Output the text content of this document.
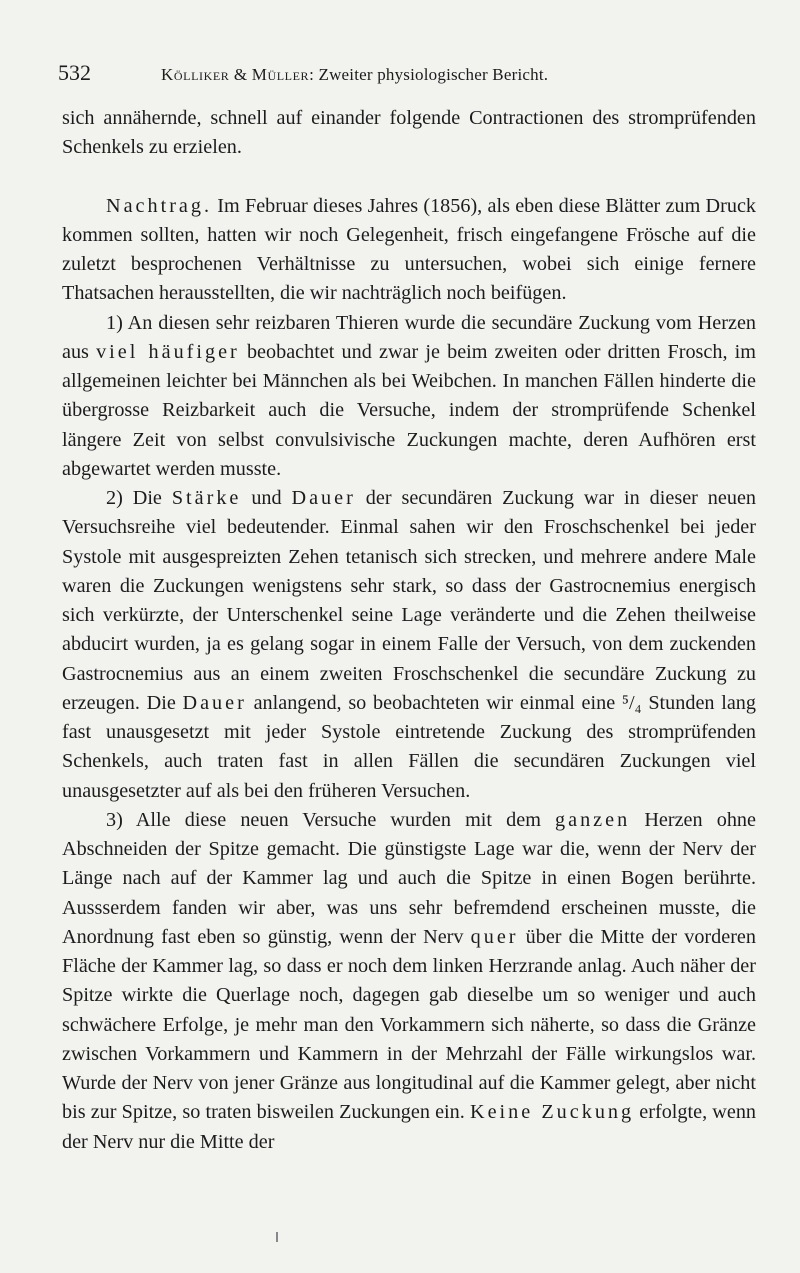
532	Kölliker & Müller: Zweiter physiologischer Bericht.

sich annähernde, schnell auf einander folgende Contractionen des stromprüfenden Schenkels zu erzielen.

Nachtrag. Im Februar dieses Jahres (1856), als eben diese Blätter zum Druck kommen sollten, hatten wir noch Gelegenheit, frisch eingefangene Frösche auf die zuletzt besprochenen Verhältnisse zu untersuchen, wobei sich einige fernere Thatsachen herausstellten, die wir nachträglich noch beifügen.

1) An diesen sehr reizbaren Thieren wurde die secundäre Zuckung vom Herzen aus viel häufiger beobachtet und zwar je beim zweiten oder dritten Frosch, im allgemeinen leichter bei Männchen als bei Weibchen. In manchen Fällen hinderte die übergrosse Reizbarkeit auch die Versuche, indem der stromprüfende Schenkel längere Zeit von selbst convulsivische Zuckungen machte, deren Aufhören erst abgewartet werden musste.

2) Die Stärke und Dauer der secundären Zuckung war in dieser neuen Versuchsreihe viel bedeutender. Einmal sahen wir den Froschschenkel bei jeder Systole mit ausgespreizten Zehen tetanisch sich strecken, und mehrere andere Male waren die Zuckungen wenigstens sehr stark, so dass der Gastrocnemius energisch sich verkürzte, der Unterschenkel seine Lage veränderte und die Zehen theilweise abducirt wurden, ja es gelang sogar in einem Falle der Versuch, von dem zuckenden Gastrocnemius aus an einem zweiten Froschschenkel die secundäre Zuckung zu erzeugen. Die Dauer anlangend, so beobachteten wir einmal eine ⁵/₄ Stunden lang fast unausgesetzt mit jeder Systole eintretende Zuckung des stromprüfenden Schenkels, auch traten fast in allen Fällen die secundären Zuckungen viel unausgesetzter auf als bei den früheren Versuchen.

3) Alle diese neuen Versuche wurden mit dem ganzen Herzen ohne Abschneiden der Spitze gemacht. Die günstigste Lage war die, wenn der Nerv der Länge nach auf der Kammer lag und auch die Spitze in einen Bogen berührte. Aussserdem fanden wir aber, was uns sehr befremdend erscheinen musste, die Anordnung fast eben so günstig, wenn der Nerv quer über die Mitte der vorderen Fläche der Kammer lag, so dass er noch dem linken Herzrande anlag. Auch näher der Spitze wirkte die Querlage noch, dagegen gab dieselbe um so weniger und auch schwächere Erfolge, je mehr man den Vorkammern sich näherte, so dass die Gränze zwischen Vorkammern und Kammern in der Mehrzahl der Fälle wirkungslos war. Wurde der Nerv von jener Gränze aus longitudinal auf die Kammer gelegt, aber nicht bis zur Spitze, so traten bisweilen Zuckungen ein. Keine Zuckung erfolgte, wenn der Nerv nur die Mitte der
